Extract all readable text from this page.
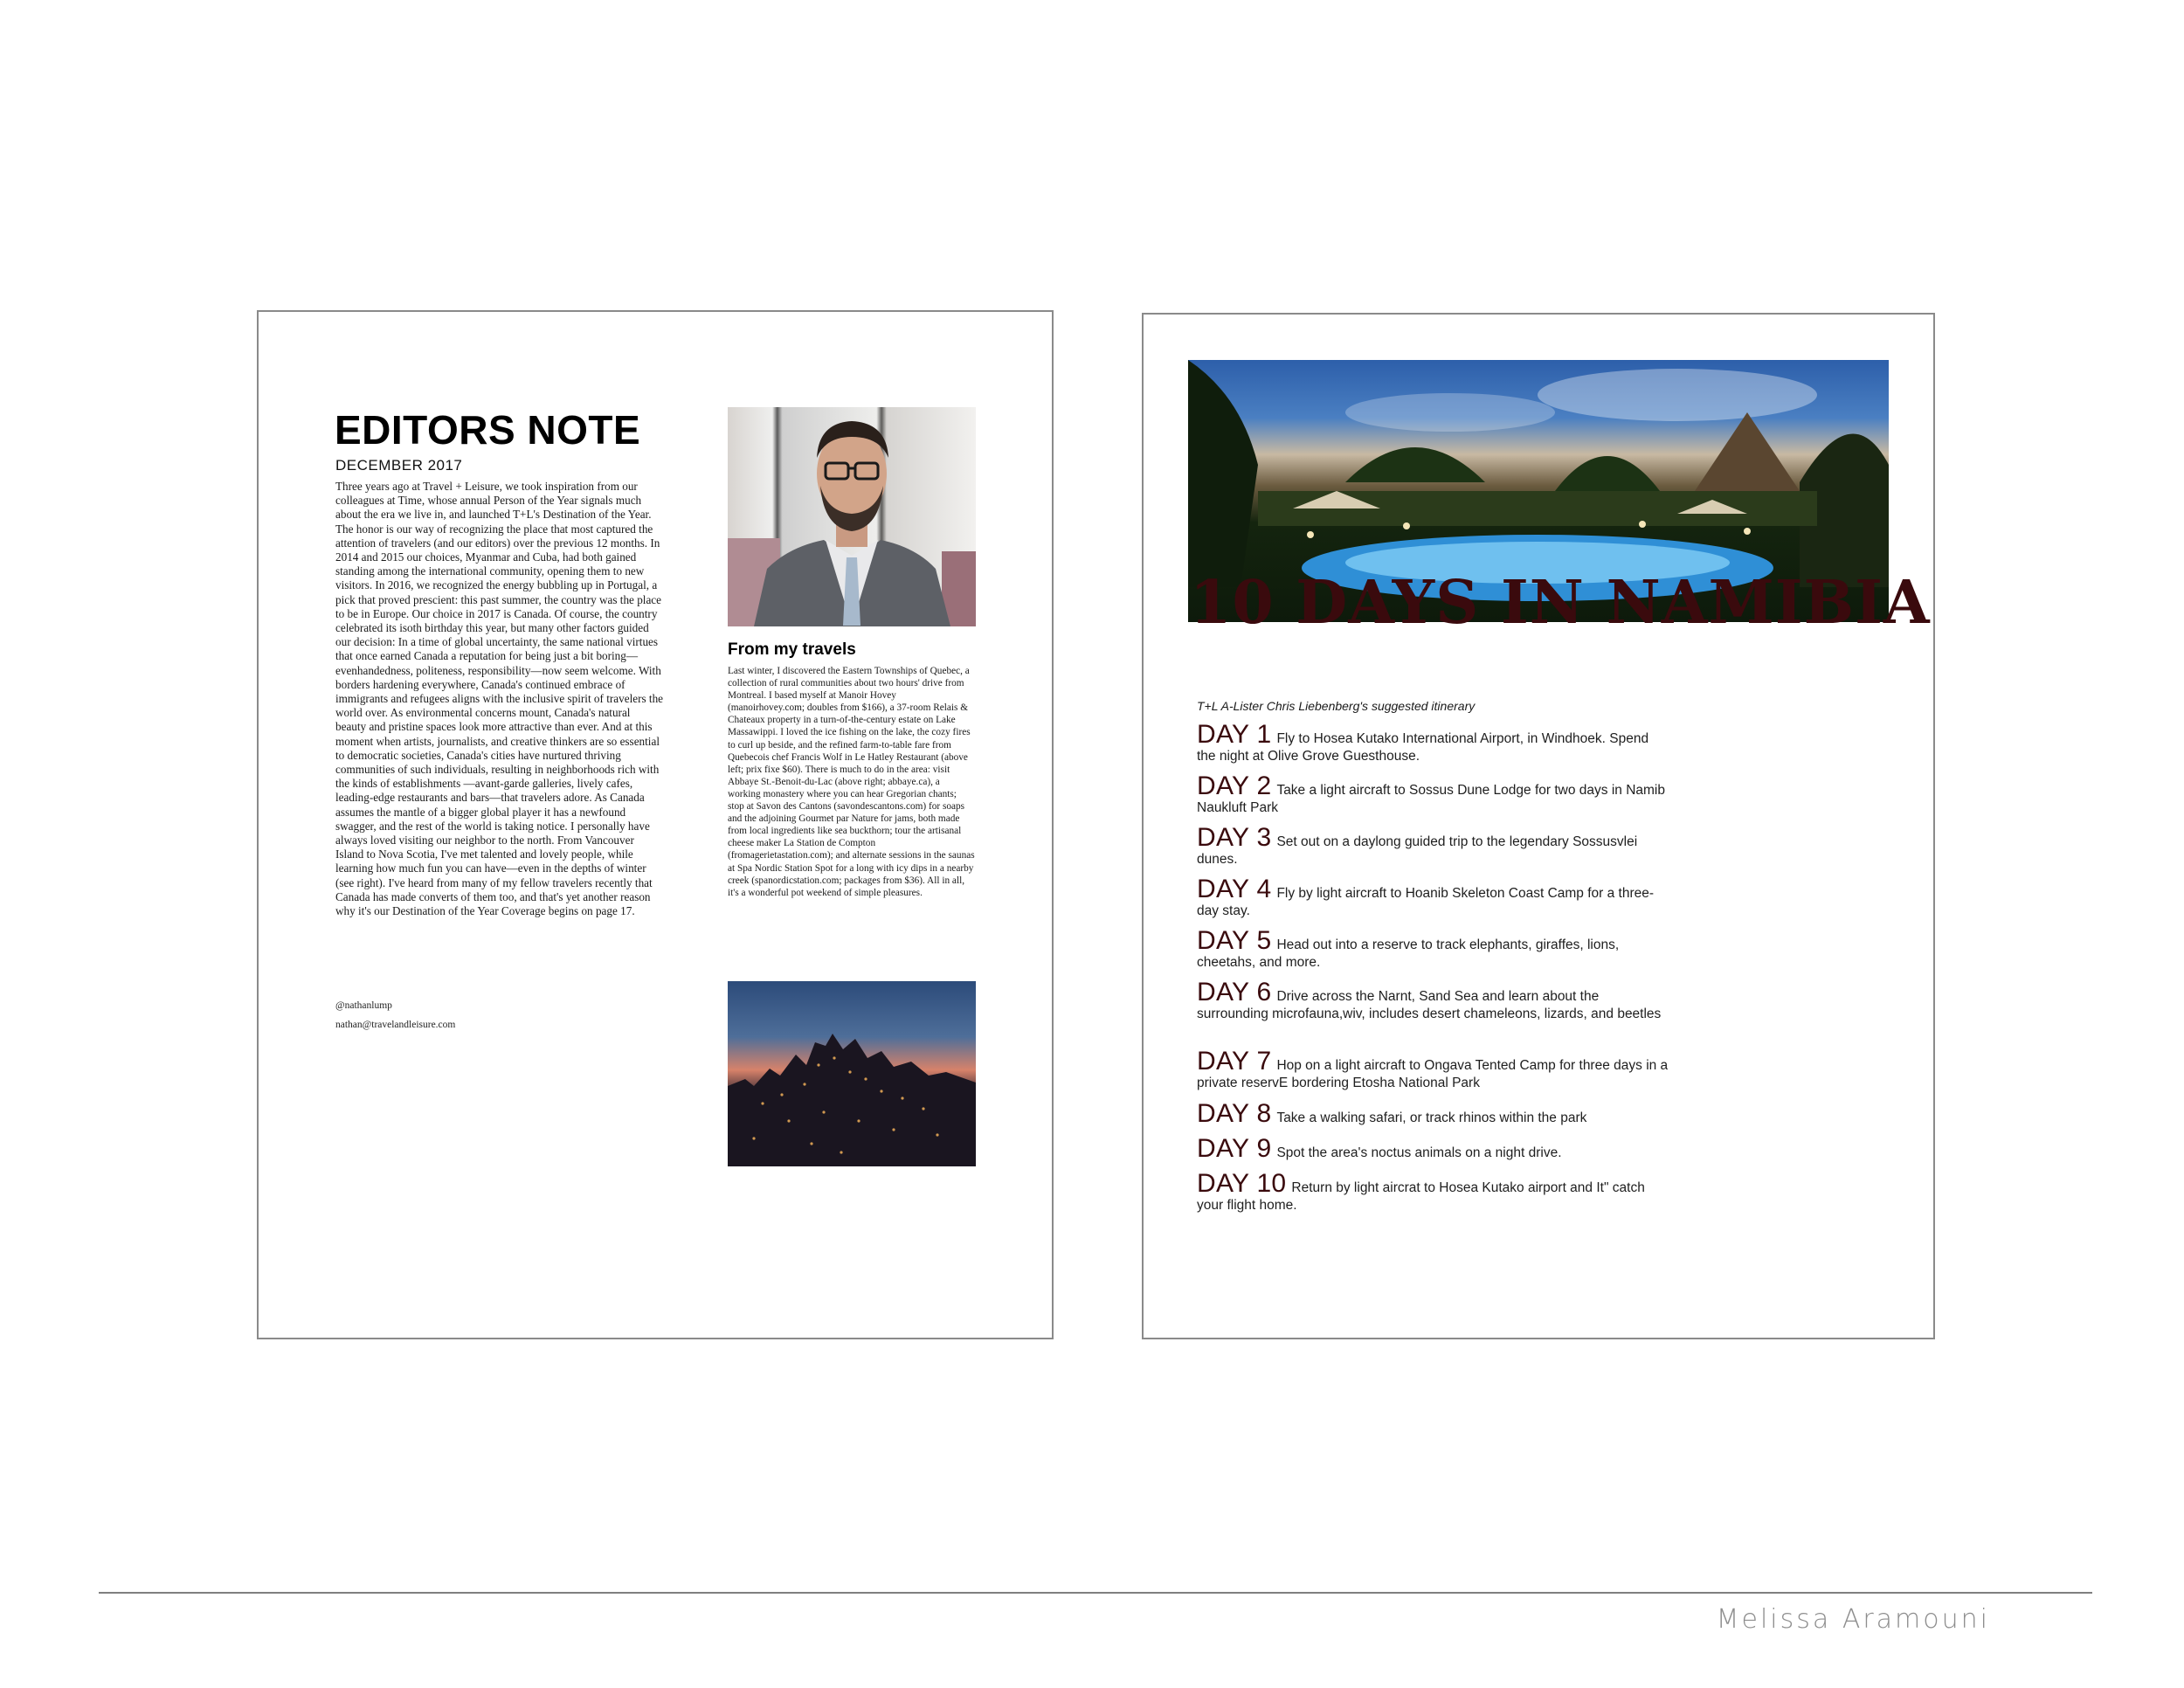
EDITORS NOTE
DECEMBER 2017

Three years ago at Travel + Leisure, we took inspiration from our colleagues at Time, whose annual Person of the Year signals much about the era we live in, and launched T+L's Destination of the Year. The honor is our way of recognizing the place that most captured the attention of travelers (and our editors) over the previous 12 months. In 2014 and 2015 our choices, Myanmar and Cuba, had both gained standing among the international community, opening them to new visitors. In 2016, we recognized the energy bubbling up in Portugal, a pick that proved prescient: this past summer, the country was the place to be in Europe. Our choice in 2017 is Canada. Of course, the country celebrated its isoth birthday this year, but many other factors guided our decision: In a time of global uncertainty, the same national virtues that once earned Canada a reputation for being just a bit boring—evenhandedness, politeness, responsibility—now seem welcome. With borders hardening everywhere, Canada's continued embrace of immigrants and refugees aligns with the inclusive spirit of travelers the world over. As environmental concerns mount, Canada's natural beauty and pristine spaces look more attractive than ever. And at this moment when artists, journalists, and creative thinkers are so essential to democratic societies, Canada's cities have nurtured thriving communities of such individuals, resulting in neighborhoods rich with the kinds of establishments —avant-garde galleries, lively cafes, leading-edge restaurants and bars—that travelers adore. As Canada assumes the mantle of a bigger global player it has a newfound swagger, and the rest of the world is taking notice. I personally have always loved visiting our neighbor to the north. From Vancouver Island to Nova Scotia, I've met talented and lovely people, while learning how much fun you can have—even in the depths of winter (see right). I've heard from many of my fellow travelers recently that Canada has made converts of them too, and that's yet another reason why it's our Destination of the Year Coverage begins on page 17.

@nathanlump
nathan@travelandleisure.com
From my travels

Last winter, I discovered the Eastern Townships of Quebec, a collection of rural communities about two hours' drive from Montreal. I based myself at Manoir Hovey (manoirhovey.com; doubles from $166), a 37-room Relais & Chateaux property in a turn-of-the-century estate on Lake Massawippi. I loved the ice fishing on the lake, the cozy fires to curl up beside, and the refined farm-to-table fare from Quebecois chef Francis Wolf in Le Hatley Restaurant (above left; prix fixe $60). There is much to do in the area: visit Abbaye St.-Benoit-du-Lac (above right; abbaye.ca), a working monastery where you can hear Gregorian chants; stop at Savon des Cantons (savondescantons.com) for soaps and the adjoining Gourmet par Nature for jams, both made from local ingredients like sea buckthorn; tour the artisanal cheese maker La Station de Compton (fromagerietastation.com); and alternate sessions in the saunas at Spa Nordic Station Spot for a long with icy dips in a nearby creek (spanordicstation.com; packages from $36). All in all, it's a wonderful pot weekend of simple pleasures.

10 DAYS IN NAMIBIA
T+L A-Lister Chris Liebenberg's suggested itinerary
DAY 1 Fly to Hosea Kutako International Airport, in Windhoek. Spend the night at Olive Grove Guesthouse.
DAY 2 Take a light aircraft to Sossus Dune Lodge for two days in Namib Naukluft Park
DAY 3 Set out on a daylong guided trip to the legendary Sossusvlei dunes.
DAY 4 Fly by light aircraft to Hoanib Skeleton Coast Camp for a three-day stay.
DAY 5 Head out into a reserve to track elephants, giraffes, lions, cheetahs, and more.
DAY 6 Drive across the Narnt, Sand Sea and learn about the surrounding microfauna,wiv, includes desert chameleons, lizards, and beetles
DAY 7 Hop on a light aircraft to Ongava Tented Camp for three days in a private reservE bordering Etosha National Park
DAY 8 Take a walking safari, or track rhinos within the park
DAY 9 Spot the area's noctus animals on a night drive.
DAY 10 Return by light aircrat to Hosea Kutako airport and It" catch your flight home.
Melissa Aramouni
